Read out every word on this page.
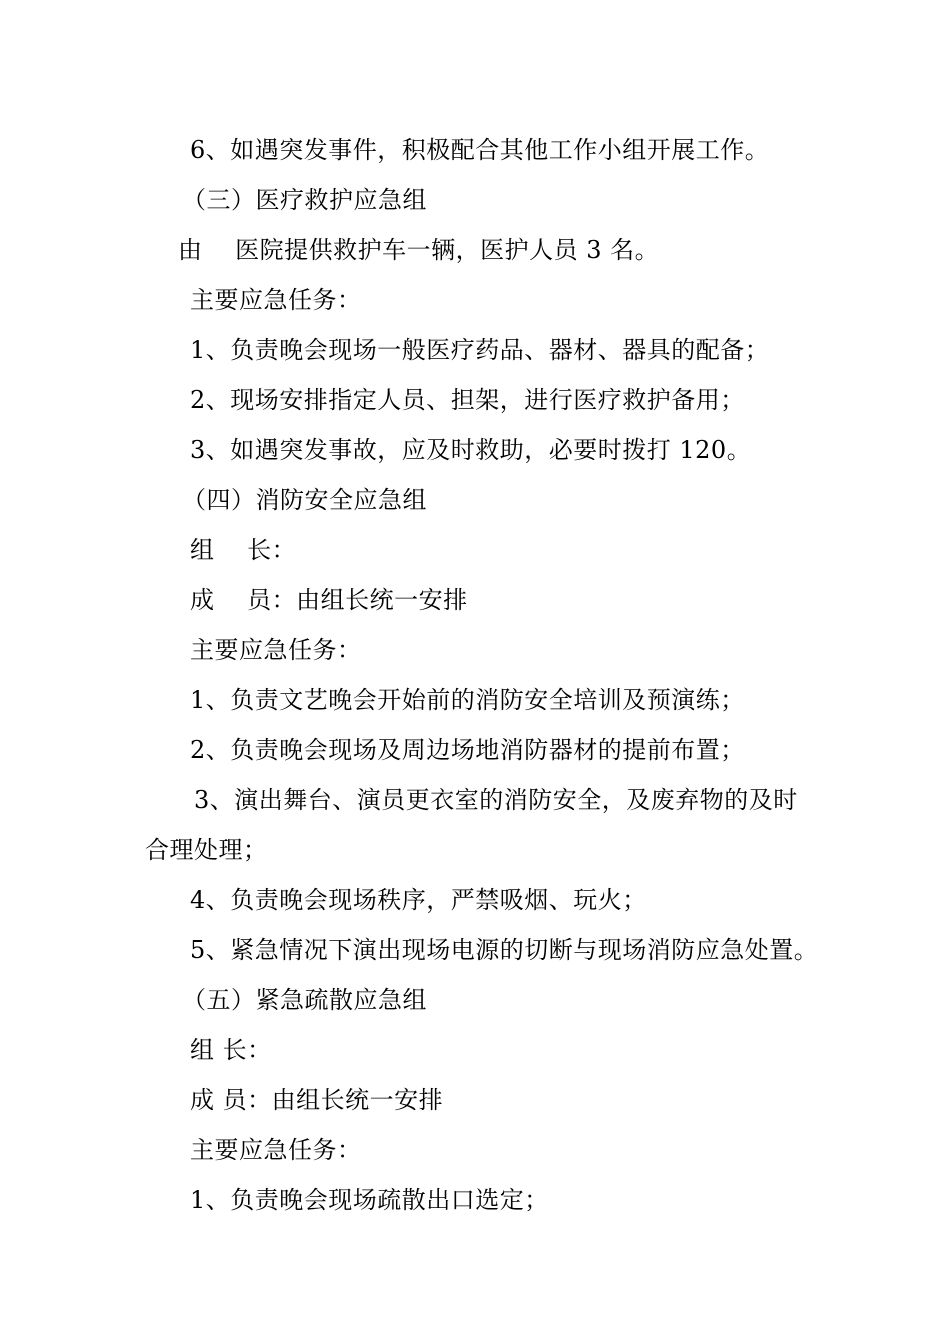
6、如遇突发事件，积极配合其他工作小组开展工作。
（三）医疗救护应急组
由　 医院提供救护车一辆，医护人员 3 名。
主要应急任务：
1、负责晚会现场一般医疗药品、器材、器具的配备；
2、现场安排指定人员、担架，进行医疗救护备用；
3、如遇突发事故，应及时救助，必要时拨打 120。
（四）消防安全应急组
组　 长：
成　 员：由组长统一安排
主要应急任务：
1、负责文艺晚会开始前的消防安全培训及预演练；
2、负责晚会现场及周边场地消防器材的提前布置；
3、演出舞台、演员更衣室的消防安全，及废弃物的及时
合理处理；
4、负责晚会现场秩序，严禁吸烟、玩火；
5、紧急情况下演出现场电源的切断与现场消防应急处置。
（五）紧急疏散应急组
组 长：
成 员：由组长统一安排
主要应急任务：
1、负责晚会现场疏散出口选定；
